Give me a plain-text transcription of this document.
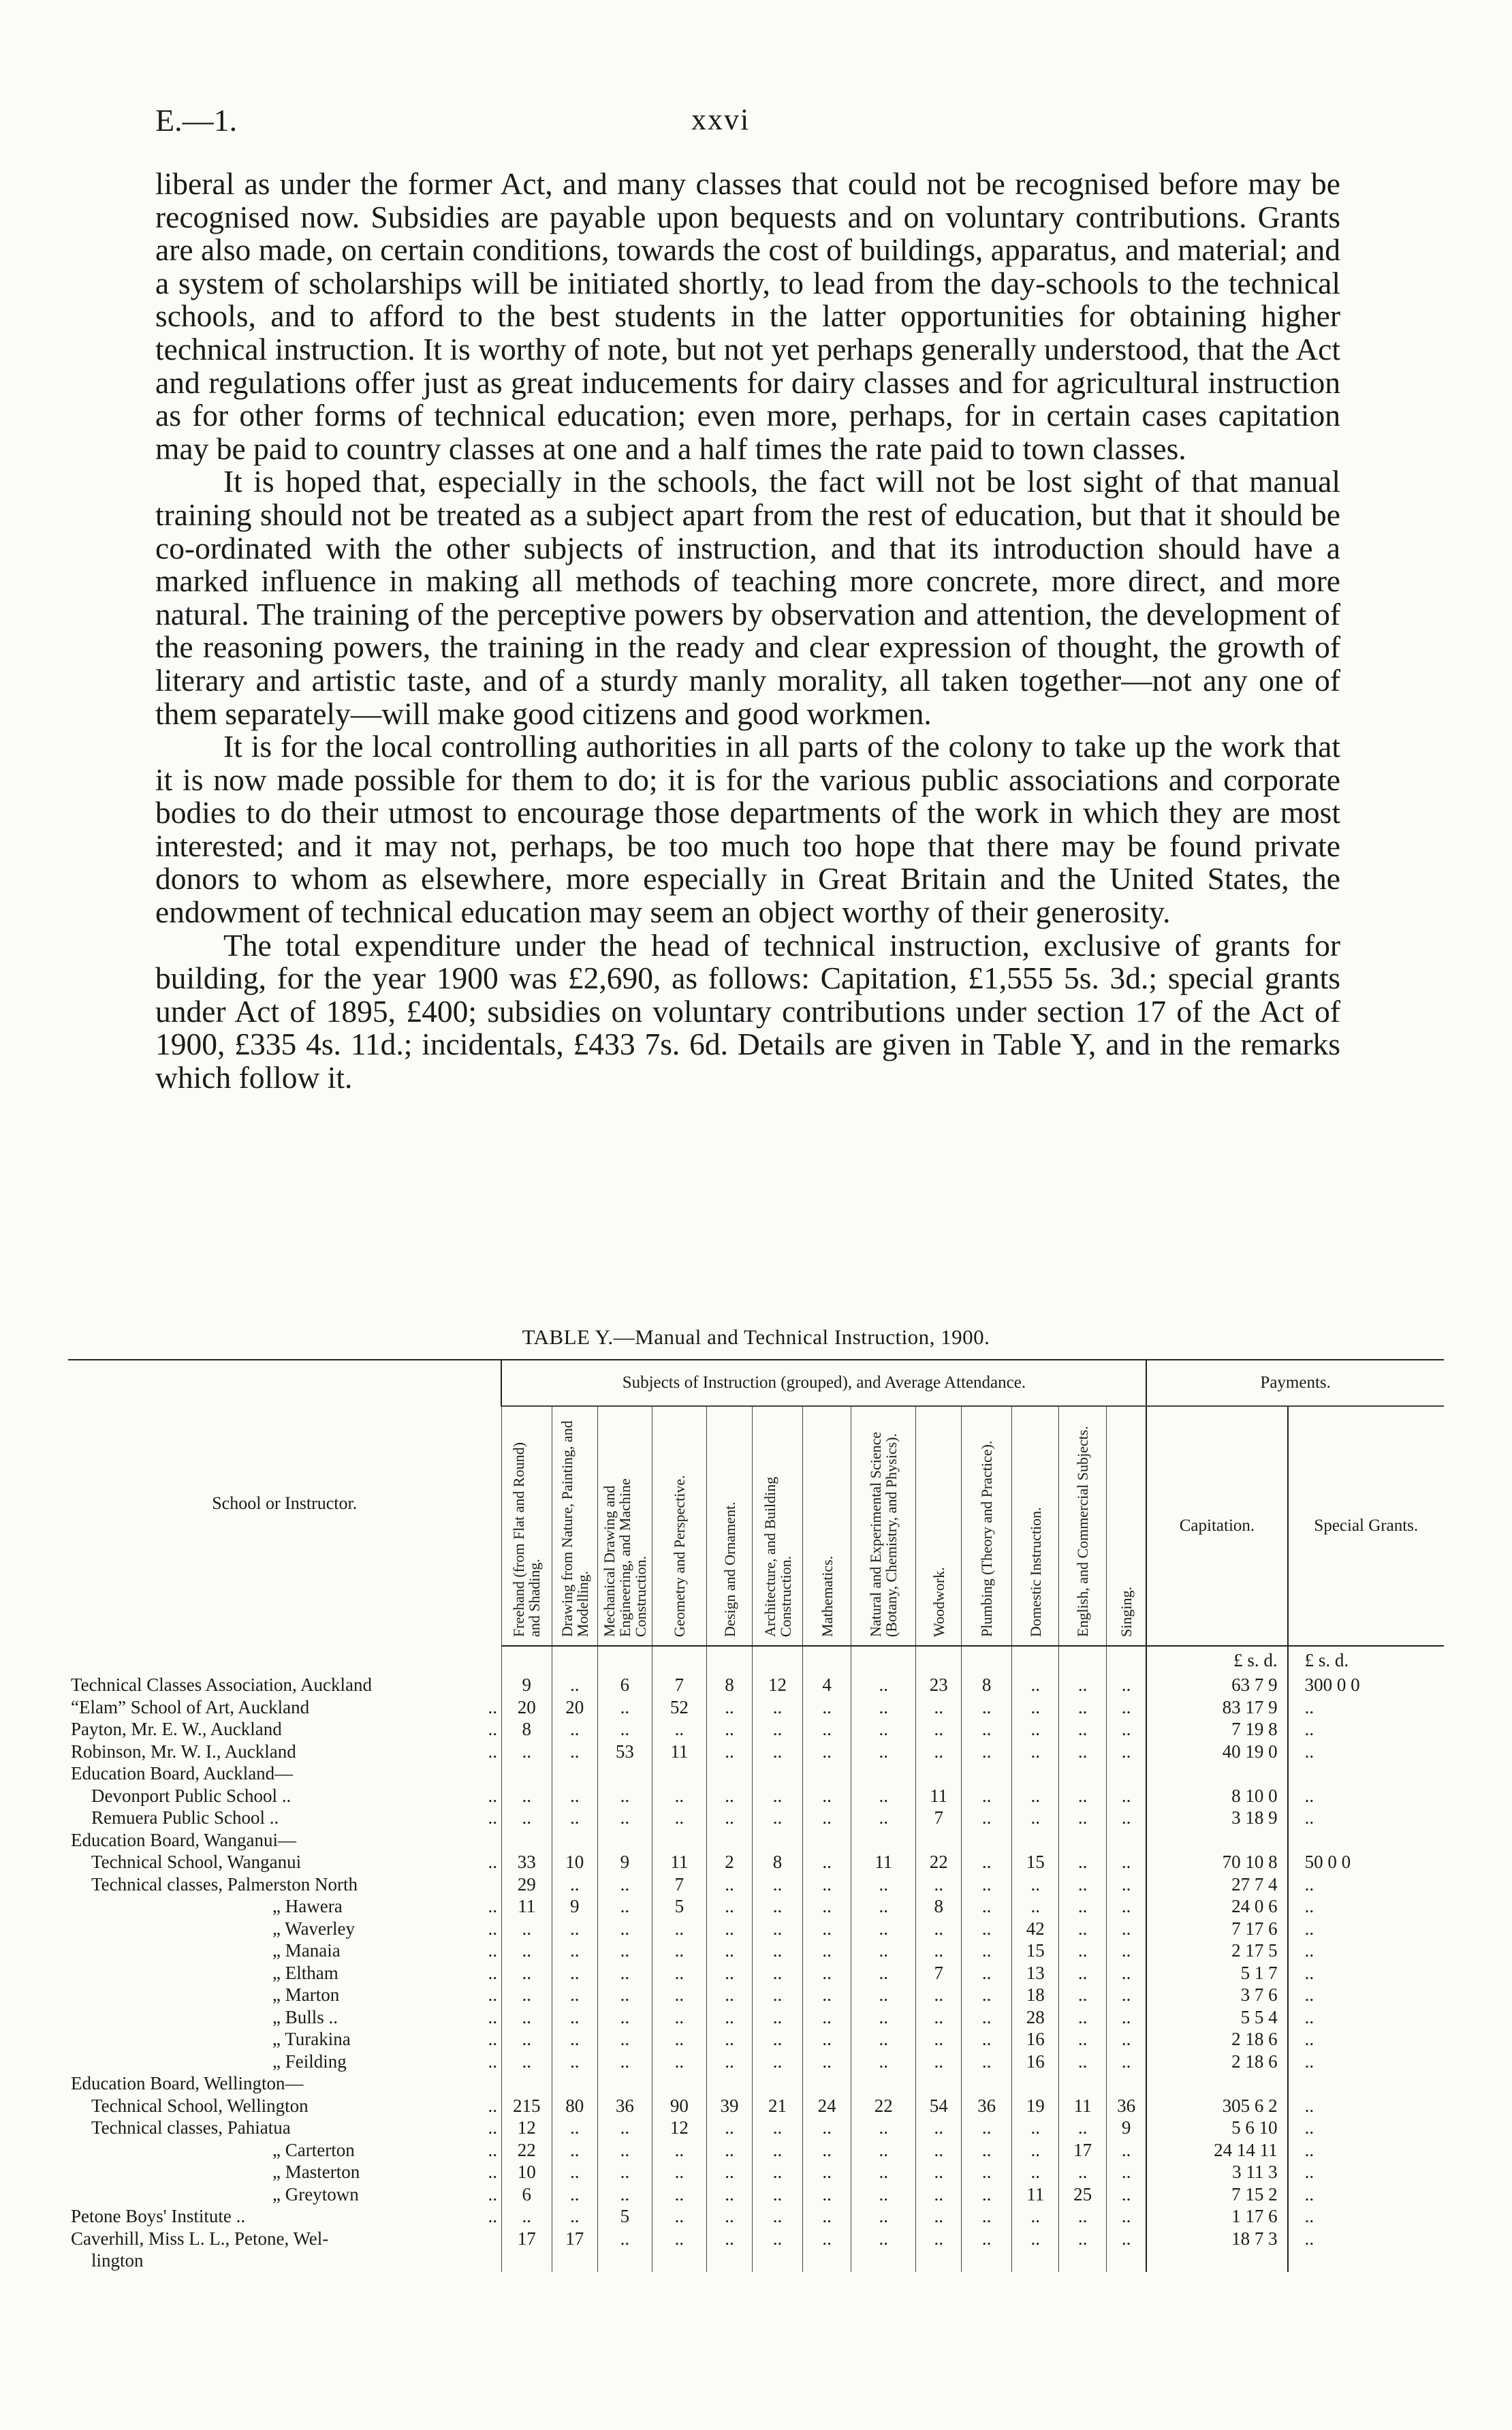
E.—1.	xxvi

liberal as under the former Act, and many classes that could not be recognised before may be recognised now. Subsidies are payable upon bequests and on voluntary contributions. Grants are also made, on certain conditions, towards the cost of buildings, apparatus, and material; and a system of scholarships will be initiated shortly, to lead from the day-schools to the technical schools, and to afford to the best students in the latter opportunities for obtaining higher technical instruction. It is worthy of note, but not yet perhaps generally understood, that the Act and regulations offer just as great inducements for dairy classes and for agricultural instruction as for other forms of technical education; even more, perhaps, for in certain cases capitation may be paid to country classes at one and a half times the rate paid to town classes.

It is hoped that, especially in the schools, the fact will not be lost sight of that manual training should not be treated as a subject apart from the rest of education, but that it should be co-ordinated with the other subjects of instruction, and that its introduction should have a marked influence in making all methods of teaching more concrete, more direct, and more natural. The training of the perceptive powers by observation and attention, the development of the reasoning powers, the training in the ready and clear expression of thought, the growth of literary and artistic taste, and of a sturdy manly morality, all taken together—not any one of them separately—will make good citizens and good workmen.

It is for the local controlling authorities in all parts of the colony to take up the work that it is now made possible for them to do; it is for the various public associations and corporate bodies to do their utmost to encourage those departments of the work in which they are most interested; and it may not, perhaps, be too much too hope that there may be found private donors to whom as elsewhere, more especially in Great Britain and the United States, the endowment of technical education may seem an object worthy of their generosity.

The total expenditure under the head of technical instruction, exclusive of grants for building, for the year 1900 was £2,690, as follows: Capitation, £1,555 5s. 3d.; special grants under Act of 1895, £400; subsidies on voluntary contributions under section 17 of the Act of 1900, £335 4s. 11d.; incidentals, £433 7s. 6d. Details are given in Table Y, and in the remarks which follow it.

TABLE Y.—Manual and Technical Instruction, 1900.
School or Instructor.	Subjects of Instruction (grouped), and Average Attendance.													Payments.	

	Freehand (from Flat and Round) and Shading.	Drawing from Nature, Painting, and Modelling.	Mechanical Drawing and Engineering, and Machine Construction.	Geometry and Perspective.	Design and Ornament.	Architecture, and Building Construction.	Mathematics.	Natural and Experimental Science (Botany, Chemistry, and Physics).	Woodwork.	Plumbing (Theory and Practice).	Domestic Instruction.	English, and Commercial Subjects.	Singing.	Capitation.	Special Grants.
														£ s. d.	£ s. d.
Technical Classes Association, Auckland	9	..	6	7	8	12	4	..	23	8	..	..	..	63 7 9	300 0 0
“Elam” School of Art, Auckland ..	20	20	..	52	..	..	..	..	..	..	..	..	..	83 17 9	..
Payton, Mr. E. W., Auckland ..	8	..	..	..	..	..	..	..	..	..	..	..	..	7 19 8	..
Robinson, Mr. W. I., Auckland ..	..	..	53	11	..	..	..	..	..	..	..	..	..	40 19 0	..
Education Board, Auckland—															
Devonport Public School .. ..	..	..	..	..	..	..	..	..	11	..	..	..	..	8 10 0	..
Remuera Public School .. ..	..	..	..	..	..	..	..	..	7	..	..	..	..	3 18 9	..
Education Board, Wanganui—															
Technical School, Wanganui ..	33	10	9	11	2	8	..	11	22	..	15	..	..	70 10 8	50 0 0
Technical classes, Palmerston North	29	..	..	7	..	..	..	..	..	..	..	..	..	27 7 4	..
„ Hawera ..	11	9	..	5	..	..	..	..	8	..	..	..	..	24 0 6	..
„ Waverley ..	..	..	..	..	..	..	..	..	..	..	42	..	..	7 17 6	..
„ Manaia ..	..	..	..	..	..	..	..	..	..	..	15	..	..	2 17 5	..
„ Eltham ..	..	..	..	..	..	..	..	..	7	..	13	..	..	5 1 7	..
„ Marton ..	..	..	..	..	..	..	..	..	..	..	18	..	..	3 7 6	..
„ Bulls .. ..	..	..	..	..	..	..	..	..	..	..	28	..	..	5 5 4	..
„ Turakina ..	..	..	..	..	..	..	..	..	..	..	16	..	..	2 18 6	..
„ Feilding ..	..	..	..	..	..	..	..	..	..	..	16	..	..	2 18 6	..
Education Board, Wellington—															
Technical School, Wellington ..	215	80	36	90	39	21	24	22	54	36	19	11	36	305 6 2	..
Technical classes, Pahiatua ..	12	..	..	12	..	..	..	..	..	..	..	..	9	5 6 10	..
„ Carterton ..	22	..	..	..	..	..	..	..	..	..	..	17	..	24 14 11	..
„ Masterton ..	10	..	..	..	..	..	..	..	..	..	..	..	..	3 11 3	..
„ Greytown ..	6	..	..	..	..	..	..	..	..	..	11	25	..	7 15 2	..
Petone Boys' Institute .. ..	..	..	5	..	..	..	..	..	..	..	..	..	..	1 17 6	..
Caverhill, Miss L. L., Petone, Wel-	17	17	..	..	..	..	..	..	..	..	..	..	..	18 7 3	..
lington															
